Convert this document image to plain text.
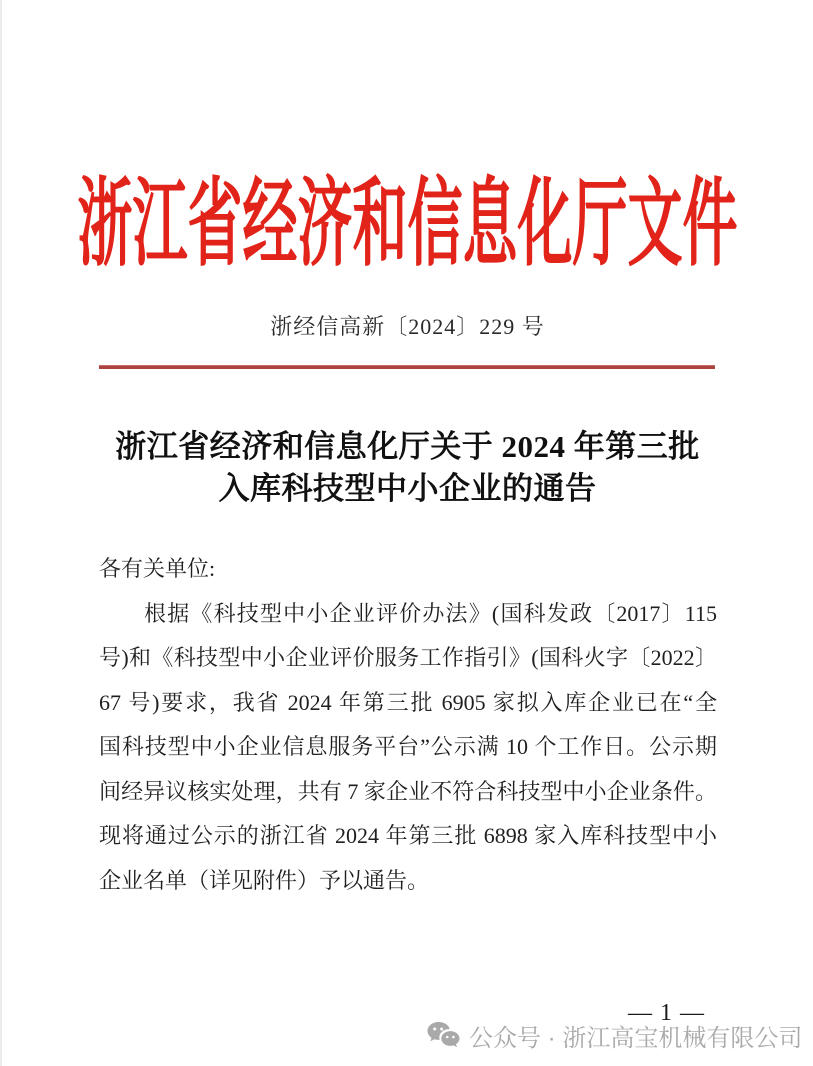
浙江省经济和信息化厅文件
浙经信高新〔2024〕229 号
浙江省经济和信息化厅关于 2024 年第三批
入库科技型中小企业的通告
各有关单位:
根据《科技型中小企业评价办法》(国科发政〔2017〕115
号)和《科技型中小企业评价服务工作指引》(国科火字〔2022〕
67 号)要求，我省 2024 年第三批 6905 家拟入库企业已在“全
国科技型中小企业信息服务平台”公示满 10 个工作日。公示期
间经异议核实处理，共有 7 家企业不符合科技型中小企业条件。
现将通过公示的浙江省 2024 年第三批 6898 家入库科技型中小
企业名单（详见附件）予以通告。
— 1 —
公众号 · 浙江高宝机械有限公司
